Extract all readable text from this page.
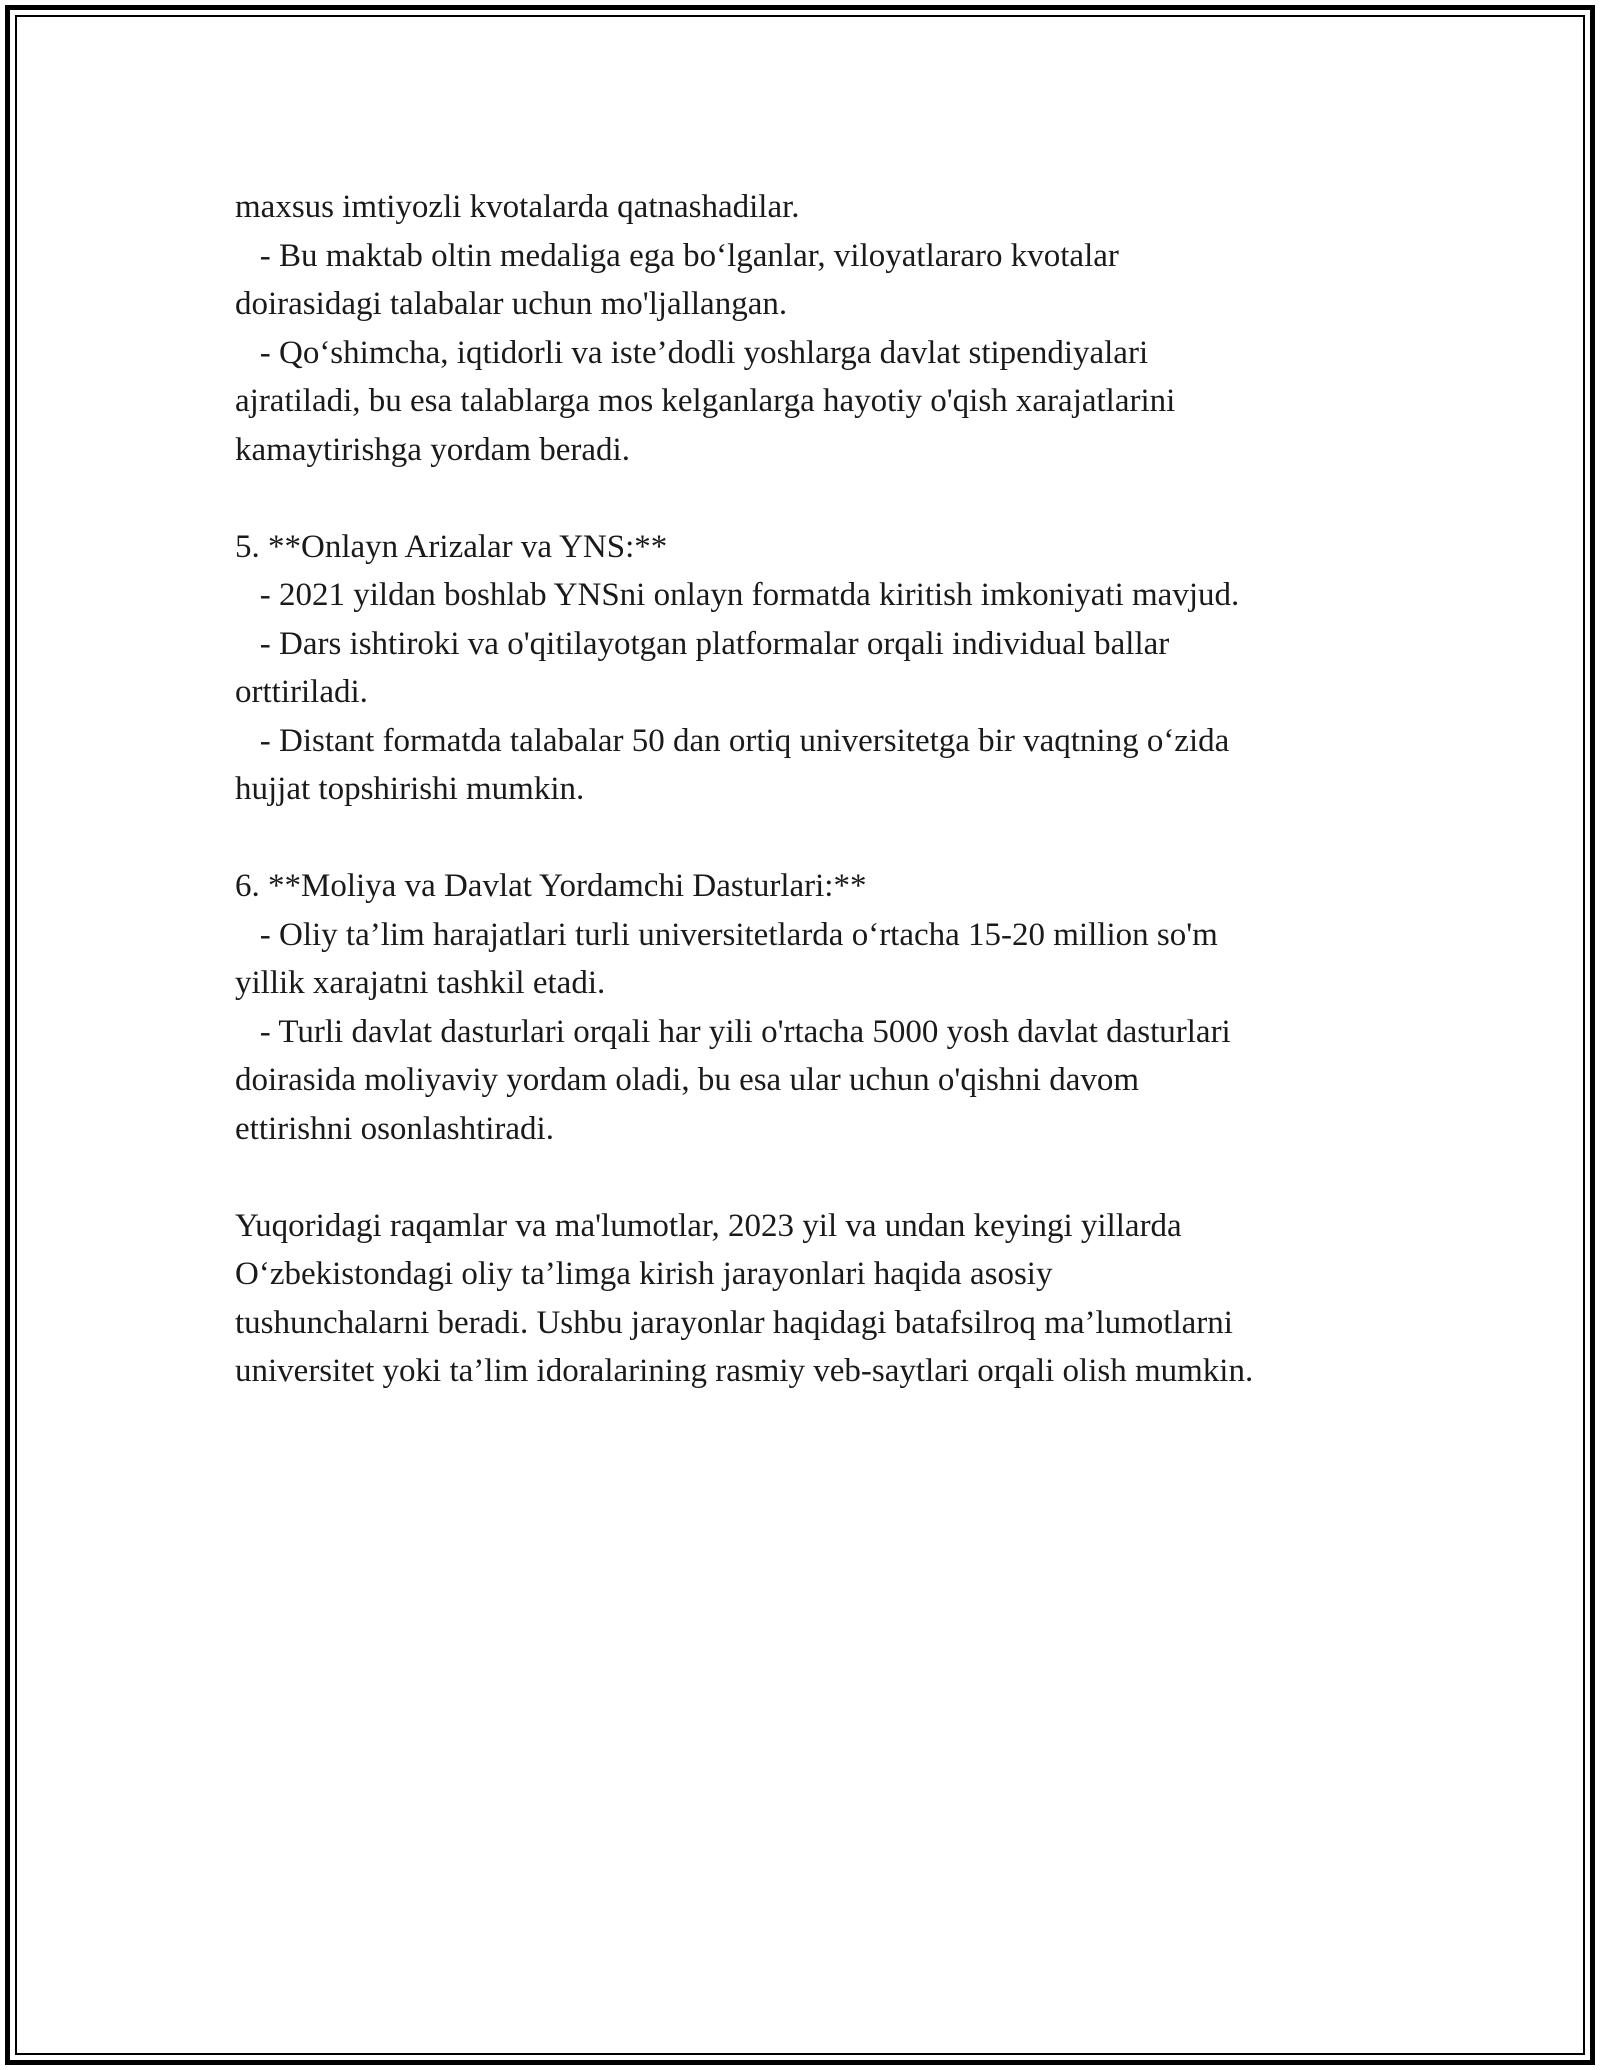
maxsus imtiyozli kvotalarda qatnashadilar.
- Bu maktab oltin medaliga ega bo‘lganlar, viloyatlararo kvotalar
doirasidagi talabalar uchun mo'ljallangan.
- Qo‘shimcha, iqtidorli va iste’dodli yoshlarga davlat stipendiyalari
ajratiladi, bu esa talablarga mos kelganlarga hayotiy o'qish xarajatlarini
kamaytirishga yordam beradi.
5. **Onlayn Arizalar va YNS:**
- 2021 yildan boshlab YNSni onlayn formatda kiritish imkoniyati mavjud.
- Dars ishtiroki va o'qitilayotgan platformalar orqali individual ballar
orttiriladi.
- Distant formatda talabalar 50 dan ortiq universitetga bir vaqtning o‘zida
hujjat topshirishi mumkin.
6. **Moliya va Davlat Yordamchi Dasturlari:**
- Oliy ta’lim harajatlari turli universitetlarda o‘rtacha 15-20 million so'm
yillik xarajatni tashkil etadi.
- Turli davlat dasturlari orqali har yili o'rtacha 5000 yosh davlat dasturlari
doirasida moliyaviy yordam oladi, bu esa ular uchun o'qishni davom
ettirishni osonlashtiradi.
Yuqoridagi raqamlar va ma'lumotlar, 2023 yil va undan keyingi yillarda
O‘zbekistondagi oliy ta’limga kirish jarayonlari haqida asosiy
tushunchalarni beradi. Ushbu jarayonlar haqidagi batafsilroq ma’lumotlarni
universitet yoki ta’lim idoralarining rasmiy veb-saytlari orqali olish mumkin.
